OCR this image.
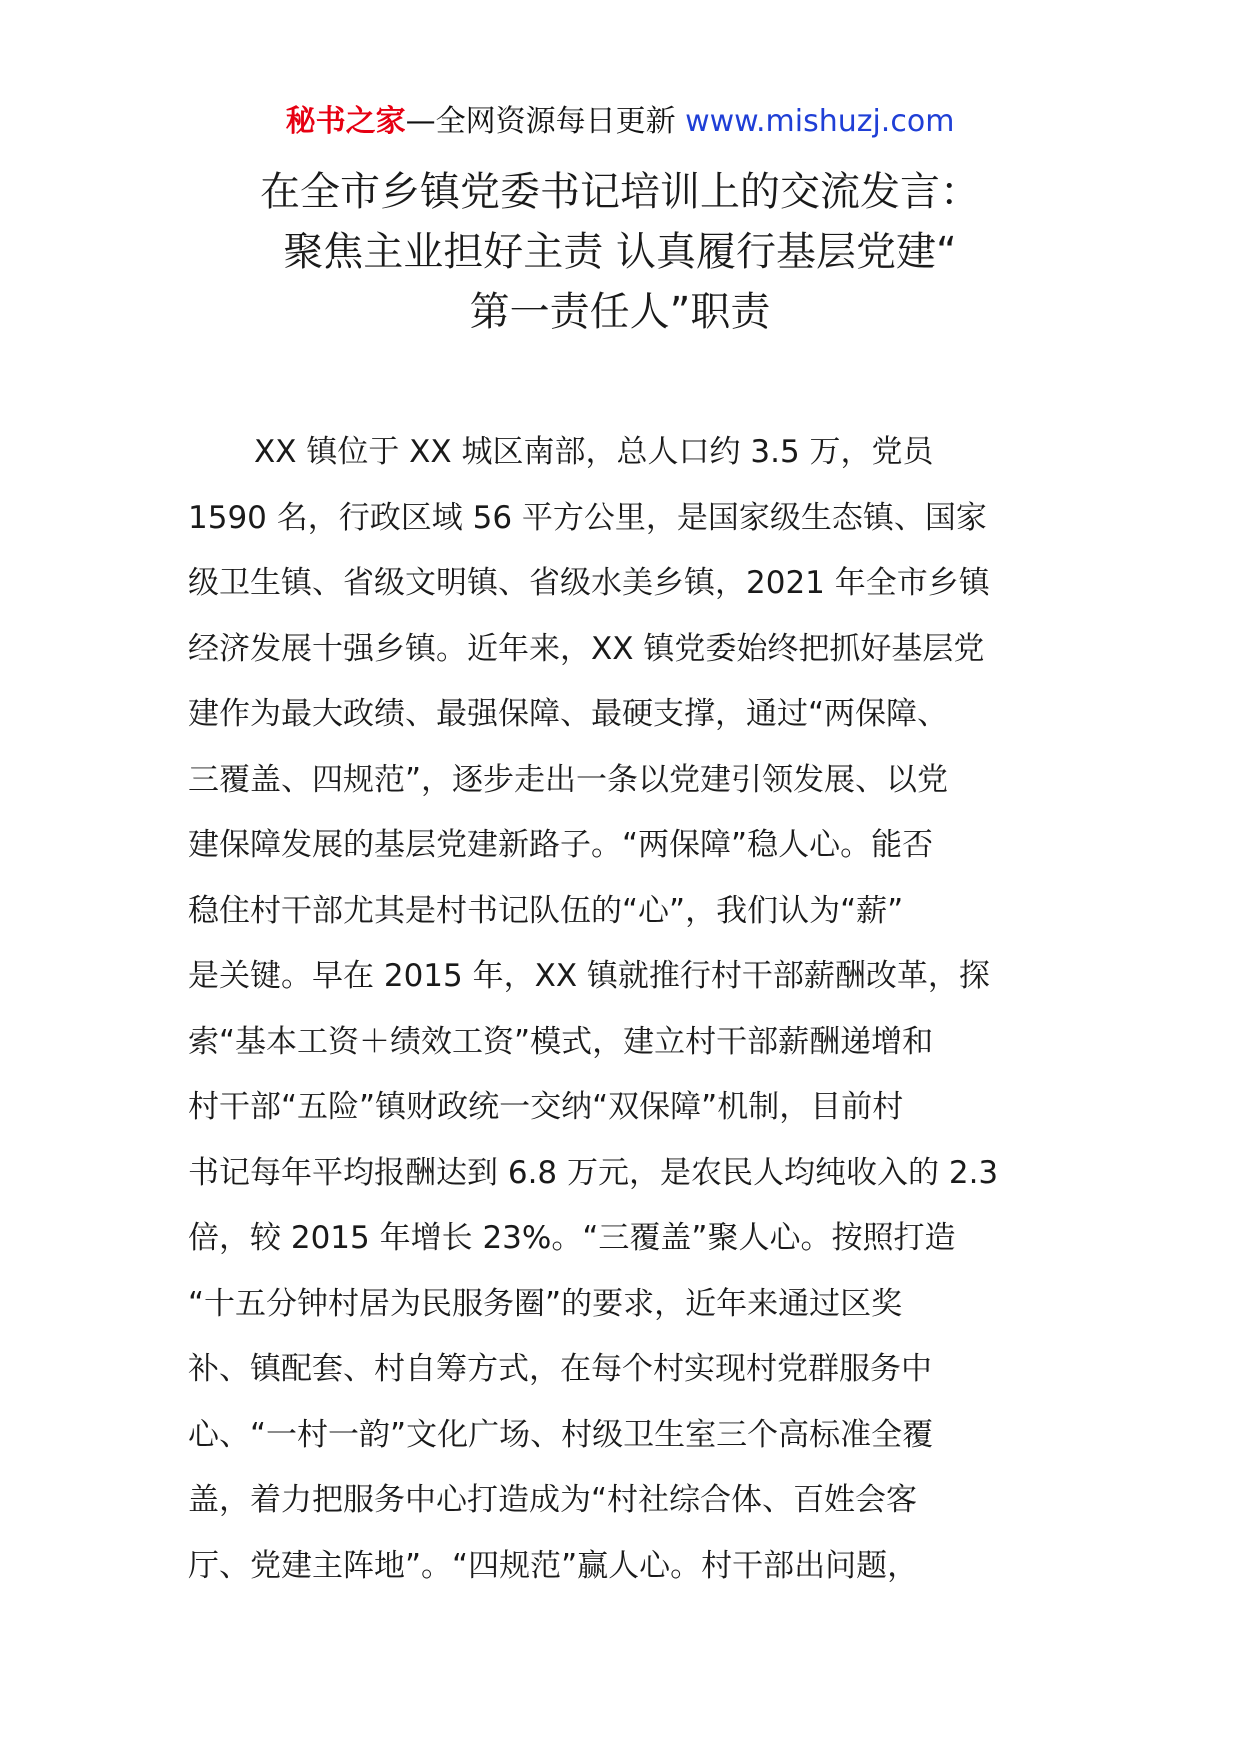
秘书之家—全网资源每日更新 www.mishuzj.com
在全市乡镇党委书记培训上的交流发言：
聚焦主业担好主责 认真履行基层党建“
第一责任人”职责
XX 镇位于 XX 城区南部，总人口约 3.5 万，党员
1590 名，行政区域 56 平方公里，是国家级生态镇、国家
级卫生镇、省级文明镇、省级水美乡镇，2021 年全市乡镇
经济发展十强乡镇。近年来，XX 镇党委始终把抓好基层党
建作为最大政绩、最强保障、最硬支撑，通过“两保障、
三覆盖、四规范”，逐步走出一条以党建引领发展、以党
建保障发展的基层党建新路子。“两保障”稳人心。能否
稳住村干部尤其是村书记队伍的“心”，我们认为“薪”
是关键。早在 2015 年，XX 镇就推行村干部薪酬改革，探
索“基本工资＋绩效工资”模式，建立村干部薪酬递增和
村干部“五险”镇财政统一交纳“双保障”机制，目前村
书记每年平均报酬达到 6.8 万元，是农民人均纯收入的 2.3
倍，较 2015 年增长 23%。“三覆盖”聚人心。按照打造
“十五分钟村居为民服务圈”的要求，近年来通过区奖
补、镇配套、村自筹方式，在每个村实现村党群服务中
心、“一村一韵”文化广场、村级卫生室三个高标准全覆
盖，着力把服务中心打造成为“村社综合体、百姓会客
厅、党建主阵地”。“四规范”赢人心。村干部出问题，
